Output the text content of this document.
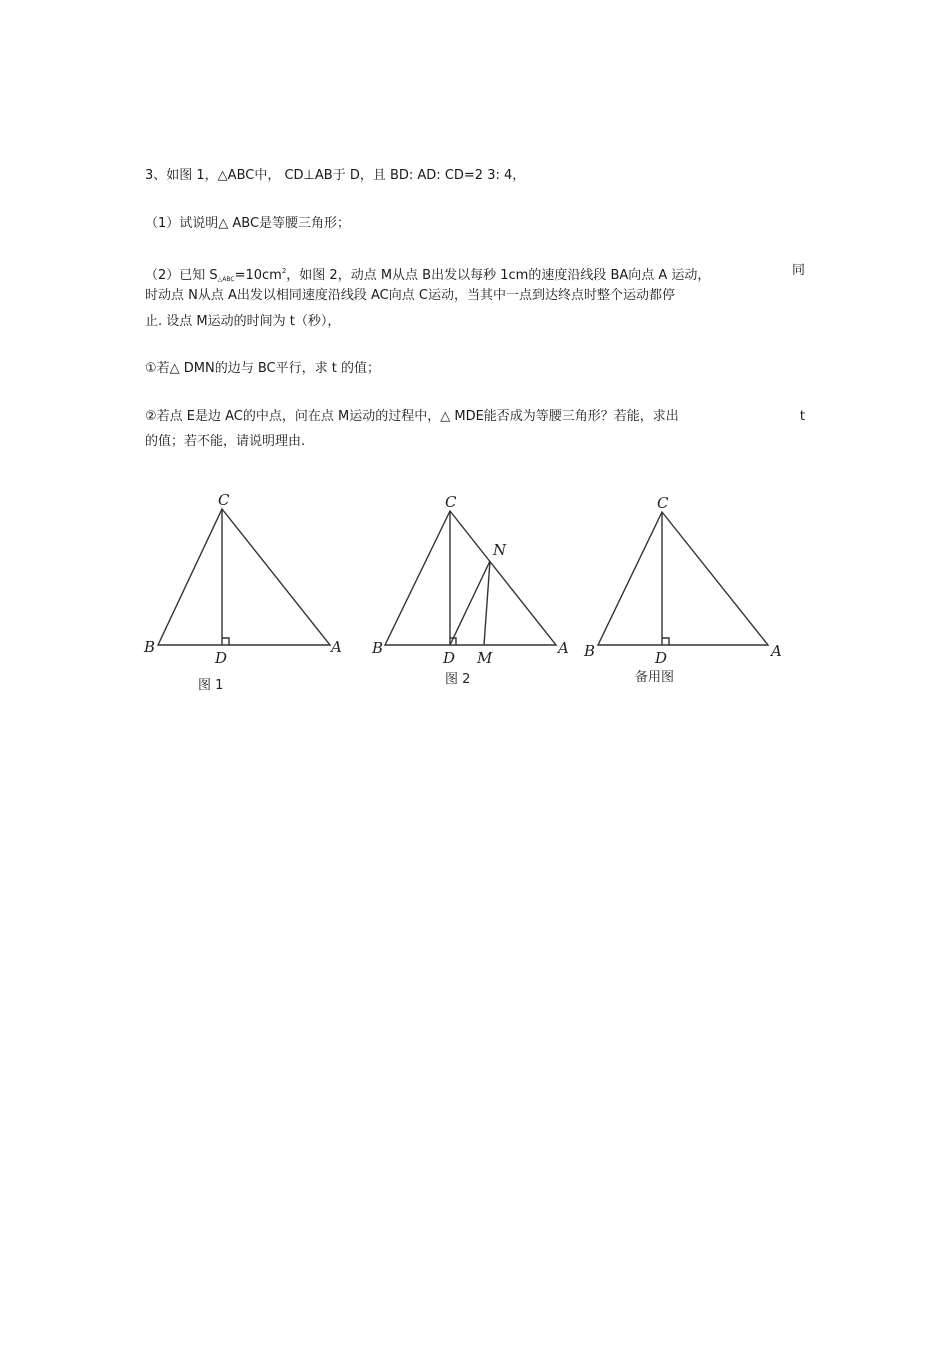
3、如图 1，△ABC中， CD⊥AB于 D，且 BD: AD: CD=2 3: 4，
（1）试说明△ ABC是等腰三角形；
（2）已知 $S_{\triangle ABC}=10cm^2$，如图 2，动点 M从点 B出发以每秒 1cm的速度沿线段 BA向点 A 运动，	同
时动点 N从点 A出发以相同速度沿线段 AC向点 C运动，当其中一点到达终点时整个运动都停
止. 设点 M运动的时间为 t（秒），
①若△ DMN的边与 BC平行，求 t 的值；
②若点 E是边 AC的中点，问在点 M运动的过程中，△ MDE能否成为等腰三角形？若能，求出	t
的值；若不能，请说明理由.
C
B
D
A
图 1
C
N
B
D M
A
图 2
C
B	D	A
备用图
